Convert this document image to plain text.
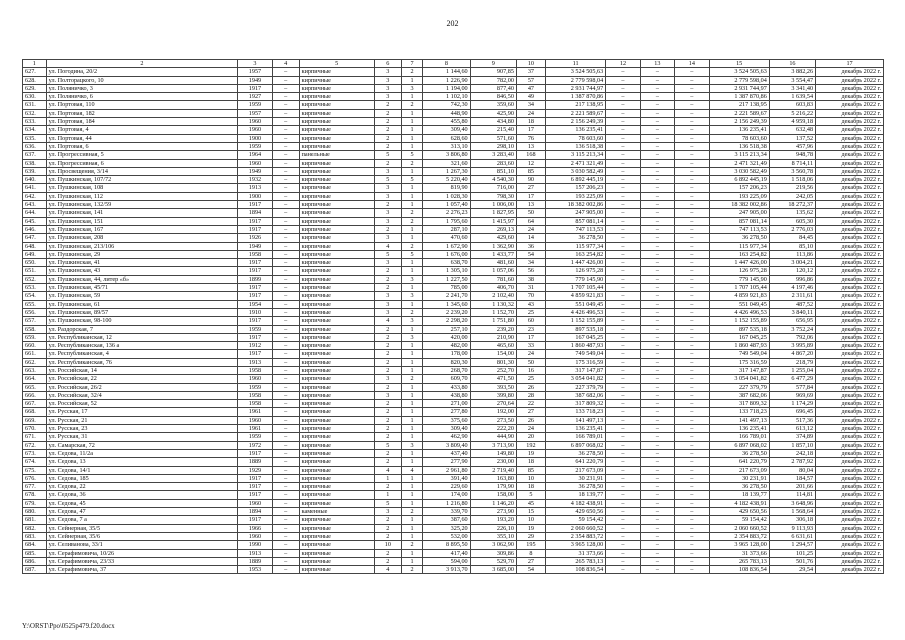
202
1	2	3	4	5	6	7	8	9	10	11	12	13	14	15	16	17
627.	ул. Погодина, 20/2	1957	–	кирпичные	3	2	1 144,60	907,85	37	3 524 505,63	–	–	–	3 524 505,63	3 882,26	декабрь 2022 г.
628.	ул. Полторацкого, 10	1949	–	кирпичные	3	1	1 226,90	782,00	57	2 779 598,04	–	–	–	2 779 598,04	3 554,47	декабрь 2022 г.
629.	ул. Поляничко, 3	1917	–	кирпичные	3	3	1 194,00	877,40	47	2 931 744,97	–	–	–	2 931 744,97	3 341,40	декабрь 2022 г.
630.	ул. Поляничко, 6	1927	–	кирпичные	3	1	1 102,10	846,50	49	1 387 870,86	–	–	–	1 387 870,86	1 639,54	декабрь 2022 г.
631.	ул. Портовая, 110	1959	–	кирпичные	2	2	742,30	359,60	34	217 138,95	–	–	–	217 138,95	603,83	декабрь 2022 г.
632.	ул. Портовая, 182	1957	–	кирпичные	2	1	448,90	425,90	24	2 221 589,67	–	–	–	2 221 589,67	5 216,22	декабрь 2022 г.
633.	ул. Портовая, 184	1960	–	кирпичные	2	1	455,80	434,80	18	2 156 249,39	–	–	–	2 156 249,39	4 959,18	декабрь 2022 г.
634.	ул. Портовая, 4	1960	–	кирпичные	2	1	309,40	215,40	17	136 235,41	–	–	–	136 235,41	632,48	декабрь 2022 г.
635.	ул. Портовая, 44	1900	–	кирпичные	2	1	628,60	571,60	76	78 603,60	–	–	–	78 603,60	137,52	декабрь 2022 г.
636.	ул. Портовая, 6	1959	–	кирпичные	2	1	313,10	298,10	13	136 518,38	–	–	–	136 518,38	457,96	декабрь 2022 г.
637.	ул. Прогрессивная, 5	1964	–	панельные	5	5	3 806,80	3 283,40	168	3 115 213,34	–	–	–	3 115 213,34	948,78	декабрь 2022 г.
638.	ул. Прогрессивная, 6	1960	–	кирпичные	2	2	321,60	283,60	12	2 471 321,49	–	–	–	2 471 321,49	8 714,11	декабрь 2022 г.
639.	ул. Просвещения, 3/14	1949	–	кирпичные	3	1	1 267,30	851,10	85	3 030 582,49	–	–	–	3 030 582,49	3 560,78	декабрь 2022 г.
640.	ул. Пушкинская, 107/72	1932	–	кирпичные	5	5	5 220,40	4 540,30	90	6 892 445,19	–	–	–	6 892 445,19	1 518,06	декабрь 2022 г.
641.	ул. Пушкинская, 108	1913	–	кирпичные	3	1	819,90	716,00	27	157 206,23	–	–	–	157 206,23	219,56	декабрь 2022 г.
642.	ул. Пушкинская, 112	1900	–	кирпичные	3	1	1 028,30	798,30	17	193 225,09	–	–	–	193 225,09	242,05	декабрь 2022 г.
643.	ул. Пушкинская, 132/59	1917	–	кирпичные	2	1	1 057,40	1 006,00	13	18 382 002,86	–	–	–	18 382 002,86	18 272,37	декабрь 2022 г.
644.	ул. Пушкинская, 141	1894	–	кирпичные	3	2	2 276,23	1 827,95	50	247 905,00	–	–	–	247 905,00	135,62	декабрь 2022 г.
645.	ул. Пушкинская, 151	1917	–	кирпичные	3	2	1 795,60	1 415,97	64	857 081,14	–	–	–	857 081,14	605,30	декабрь 2022 г.
646.	ул. Пушкинская, 167	1917	–	кирпичные	2	1	287,10	269,13	24	747 113,53	–	–	–	747 113,53	2 776,03	декабрь 2022 г.
647.	ул. Пушкинская, 208	1926	–	кирпичные	3	1	470,60	429,60	14	36 278,50	–	–	–	36 278,50	84,45	декабрь 2022 г.
648.	ул. Пушкинская, 213/106	1949	–	кирпичные	4	2	1 672,90	1 362,90	36	115 977,34	–	–	–	115 977,34	85,10	декабрь 2022 г.
649.	ул. Пушкинская, 29	1958	–	кирпичные	5	5	1 676,00	1 433,77	54	163 254,82	–	–	–	163 254,82	113,86	декабрь 2022 г.
650.	ул. Пушкинская, 41	1917	–	кирпичные	3	1	638,70	481,60	34	1 447 426,00	–	–	–	1 447 426,00	3 004,21	декабрь 2022 г.
651.	ул. Пушкинская, 43	1917	–	кирпичные	2	1	1 305,10	1 057,06	56	126 975,28	–	–	–	126 975,28	120,12	декабрь 2022 г.
652.	ул. Пушкинская, 44, литер «б»	1899	–	кирпичные	2	3	1 227,50	781,60	38	779 145,90	–	–	–	779 145,90	996,86	декабрь 2022 г.
653.	ул. Пушкинская, 45/71	1917	–	кирпичные	2	1	785,00	406,70	31	1 707 105,44	–	–	–	1 707 105,44	4 197,46	декабрь 2022 г.
654.	ул. Пушкинская, 59	1917	–	кирпичные	3	3	2 241,70	2 102,40	70	4 859 921,83	–	–	–	4 859 921,83	2 311,61	декабрь 2022 г.
655.	ул. Пушкинская, 61	1954	–	кирпичные	3	1	1 345,60	1 130,32	43	551 049,45	–	–	–	551 049,45	487,52	декабрь 2022 г.
656.	ул. Пушкинская, 89/57	1910	–	кирпичные	3	2	2 239,20	1 152,70	25	4 426 496,53	–	–	–	4 426 496,53	3 840,11	декабрь 2022 г.
657.	ул. Пушкинская, 98-100	1917	–	кирпичные	4	3	2 298,20	1 751,80	60	1 152 155,89	–	–	–	1 152 155,89	656,95	декабрь 2022 г.
658.	ул. Раздорская, 7	1959	–	кирпичные	2	1	257,10	239,20	23	897 535,18	–	–	–	897 535,18	3 752,24	декабрь 2022 г.
659.	ул. Республиканская, 12	1917	–	кирпичные	2	3	420,00	210,90	17	167 045,25	–	–	–	167 045,25	792,06	декабрь 2022 г.
660.	ул. Республиканская, 136 а	1912	–	кирпичные	2	1	482,00	465,60	33	1 860 487,93	–	–	–	1 860 487,93	3 995,89	декабрь 2022 г.
661.	ул. Республиканская, 4	1917	–	кирпичные	2	1	178,00	154,00	24	749 549,04	–	–	–	749 549,04	4 867,20	декабрь 2022 г.
662.	ул. Республиканская, 76	1913	–	кирпичные	2	1	820,30	801,30	50	175 316,59	–	–	–	175 316,59	218,79	декабрь 2022 г.
663.	ул. Российская, 14	1958	–	кирпичные	2	1	268,70	252,70	16	317 147,87	–	–	–	317 147,87	1 255,04	декабрь 2022 г.
664.	ул. Российская, 22	1960	–	кирпичные	3	2	609,70	471,50	25	3 054 041,82	–	–	–	3 054 041,82	6 477,29	декабрь 2022 г.
665.	ул. Российская, 26/2	1959	–	кирпичные	2	1	433,80	393,50	26	227 379,79	–	–	–	227 379,79	577,84	декабрь 2022 г.
666.	ул. Российская, 32/4	1958	–	кирпичные	3	1	438,80	399,80	28	387 682,06	–	–	–	387 682,06	969,69	декабрь 2022 г.
667.	ул. Российская, 52	1958	–	кирпичные	2	1	271,00	270,64	22	317 809,32	–	–	–	317 809,32	1 174,29	декабрь 2022 г.
668.	ул. Русская, 17	1961	–	кирпичные	2	1	277,80	192,00	27	133 718,23	–	–	–	133 718,23	696,45	декабрь 2022 г.
669.	ул. Русская, 21	1960	–	кирпичные	2	1	375,60	273,50	26	141 497,13	–	–	–	141 497,13	517,36	декабрь 2022 г.
670.	ул. Русская, 23	1961	–	кирпичные	2	1	309,40	222,20	24	136 235,41	–	–	–	136 235,41	613,12	декабрь 2022 г.
671.	ул. Русская, 31	1959	–	кирпичные	2	1	462,90	444,90	20	166 789,01	–	–	–	166 789,01	374,89	декабрь 2022 г.
672.	ул. Самарская, 72	1972	–	кирпичные	5	3	3 809,40	3 713,90	192	6 897 068,02	–	–	–	6 897 068,02	1 857,10	декабрь 2022 г.
673.	ул. Седова, 11/2а	1917	–	кирпичные	2	1	437,40	149,80	19	36 278,50	–	–	–	36 278,50	242,18	декабрь 2022 г.
674.	ул. Седова, 13	1889	–	кирпичные	2	1	277,90	230,00	18	641 220,79	–	–	–	641 220,79	2 787,92	декабрь 2022 г.
675.	ул. Седова, 14/1	1929	–	кирпичные	4	4	2 961,80	2 719,40	85	217 673,09	–	–	–	217 673,09	80,04	декабрь 2022 г.
676.	ул. Седова, 185	1917	–	кирпичные	1	1	391,40	163,80	10	30 231,91	–	–	–	30 231,91	184,57	декабрь 2022 г.
677.	ул. Седова, 22	1917	–	кирпичные	2	1	229,60	179,90	18	36 278,50	–	–	–	36 278,50	201,66	декабрь 2022 г.
678.	ул. Седова, 36	1917	–	кирпичные	1	1	174,00	158,00	5	18 139,77	–	–	–	18 139,77	114,81	декабрь 2022 г.
679.	ул. Седова, 45	1960	–	кирпичные	5	1	1 216,80	1 146,20	45	4 182 438,91	–	–	–	4 182 438,91	3 648,96	декабрь 2022 г.
680.	ул. Седова, 47	1894	–	каменные	3	2	339,70	273,90	15	429 650,56	–	–	–	429 650,56	1 568,64	декабрь 2022 г.
681.	ул. Седова, 7 а	1917	–	кирпичные	2	1	387,60	193,20	10	59 154,42	–	–	–	59 154,42	306,18	декабрь 2022 г.
682.	ул. Сейнерная, 35/5	1966	–	кирпичные	2	1	325,20	226,10	19	2 060 660,52	–	–	–	2 060 660,52	9 113,93	декабрь 2022 г.
683.	ул. Сейнерная, 35/6	1960	–	кирпичные	2	1	532,00	355,10	29	2 354 883,72	–	–	–	2 354 883,72	6 631,61	декабрь 2022 г.
684.	ул. Селиванова, 33/1	1990	–	кирпичные	10	2	8 895,50	3 062,90	195	3 965 128,00	–	–	–	3 965 128,00	1 294,57	декабрь 2022 г.
685.	ул. Серафимовича, 10/26	1913	–	кирпичные	2	1	417,40	309,86	8	31 373,66	–	–	–	31 373,66	101,25	декабрь 2022 г.
686.	ул. Серафимовича, 23/33	1889	–	кирпичные	2	1	594,00	529,70	27	265 783,13	–	–	–	265 783,13	501,76	декабрь 2022 г.
687.	ул. Серафимовича, 37	1953	–	кирпичные	4	2	3 913,70	3 685,00	54	108 836,54	–	–	–	108 836,54	29,54	декабрь 2022 г.
Y:\ORST\Ppo\0525p479.f20.docx
